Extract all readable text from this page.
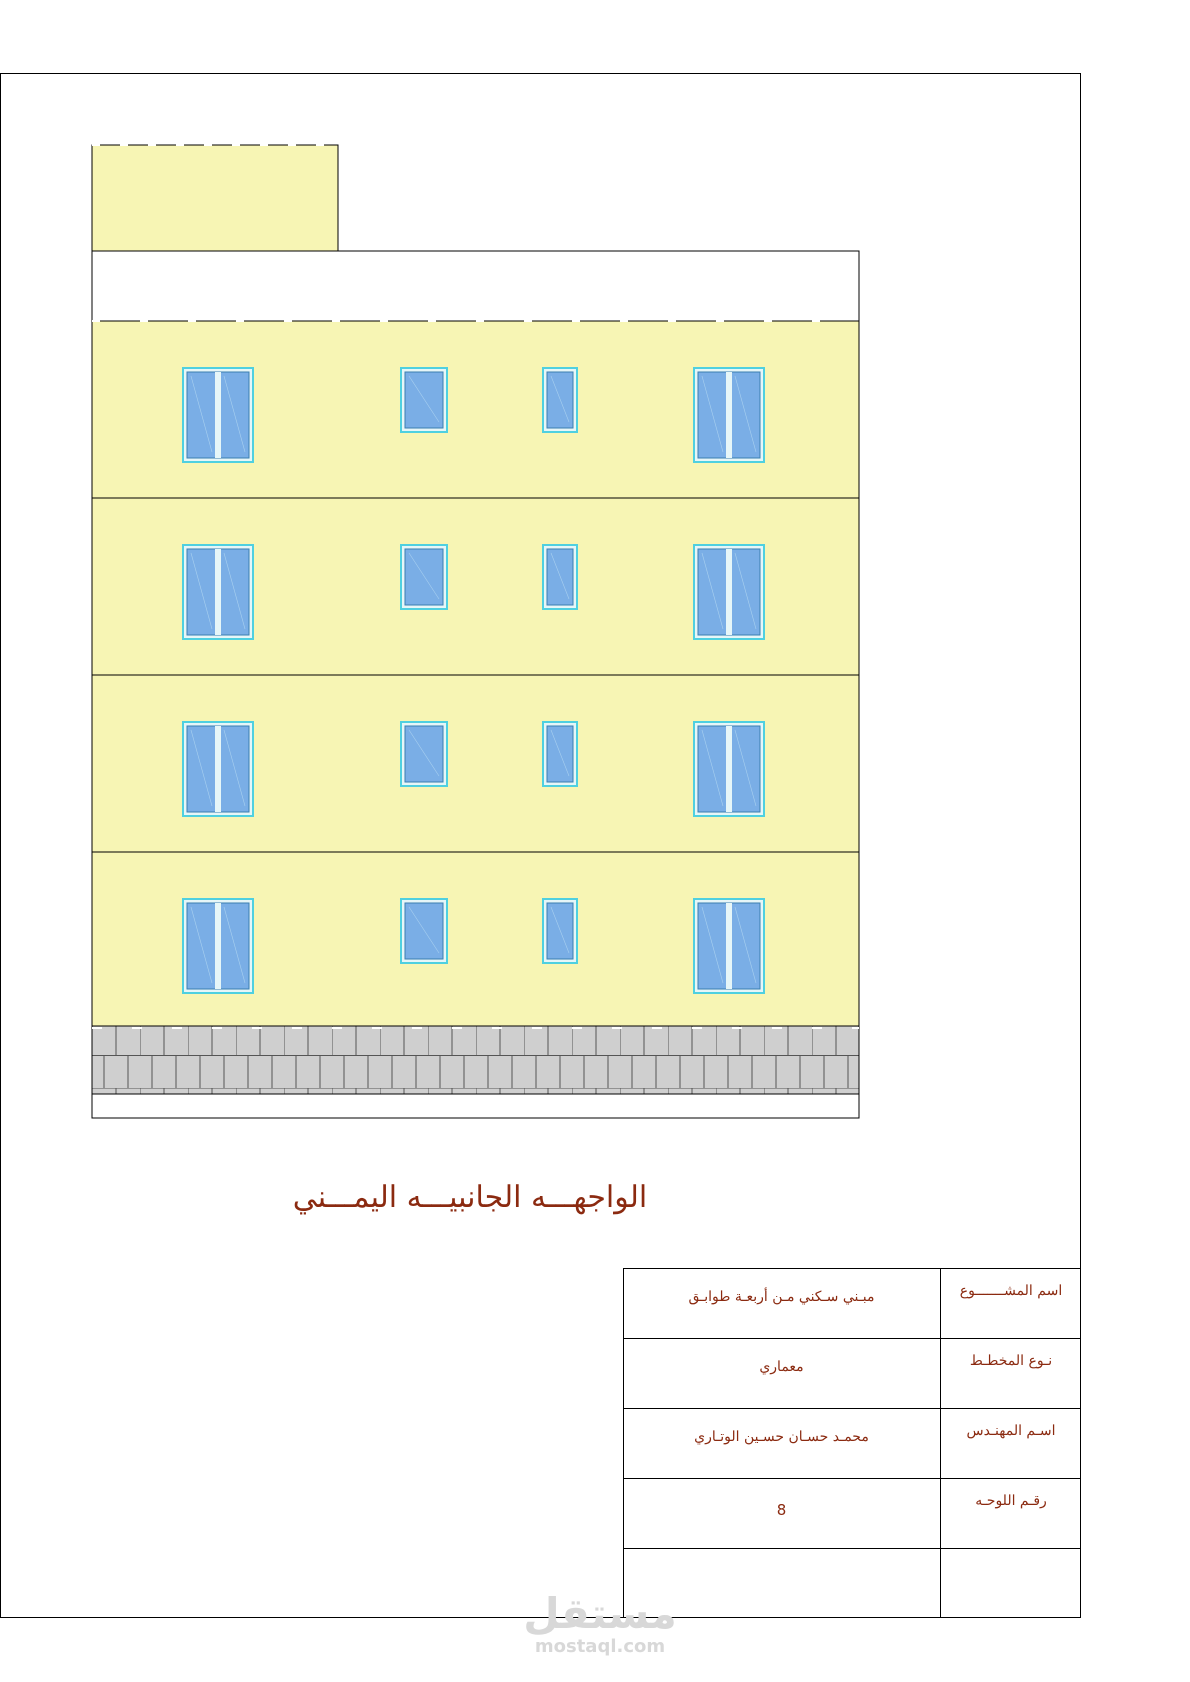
الواجهـــه الجانبيـــه اليمـــني
اسم المشـــــــوع
مبـني سـكني مـن أربعـة طوابـق
نـوع المخطـط
معماري
اسـم المهنـدس
محمـد حسـان حسـين الوتـاري
رقـم اللوحـه
8
مستقل
mostaql.com
